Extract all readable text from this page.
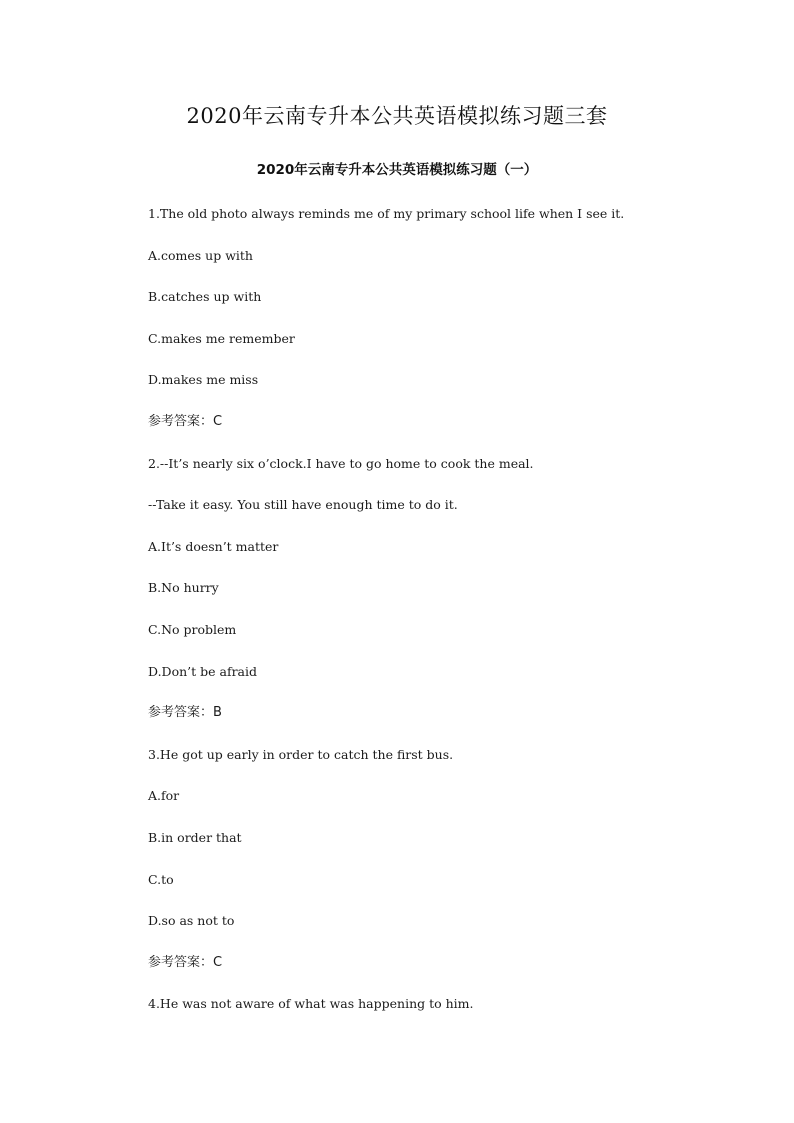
2020年云南专升本公共英语模拟练习题三套
2020年云南专升本公共英语模拟练习题（一）
1.The old photo always reminds me of my primary school life when I see it.
A.comes up with
B.catches up with
C.makes me remember
D.makes me miss
参考答案：C
2.--It’s nearly six o’clock.I have to go home to cook the meal.
--Take it easy. You still have enough time to do it.
A.It’s doesn’t matter
B.No hurry
C.No problem
D.Don’t be afraid
参考答案：B
3.He got up early in order to catch the first bus.
A.for
B.in order that
C.to
D.so as not to
参考答案：C
4.He was not aware of what was happening to him.
